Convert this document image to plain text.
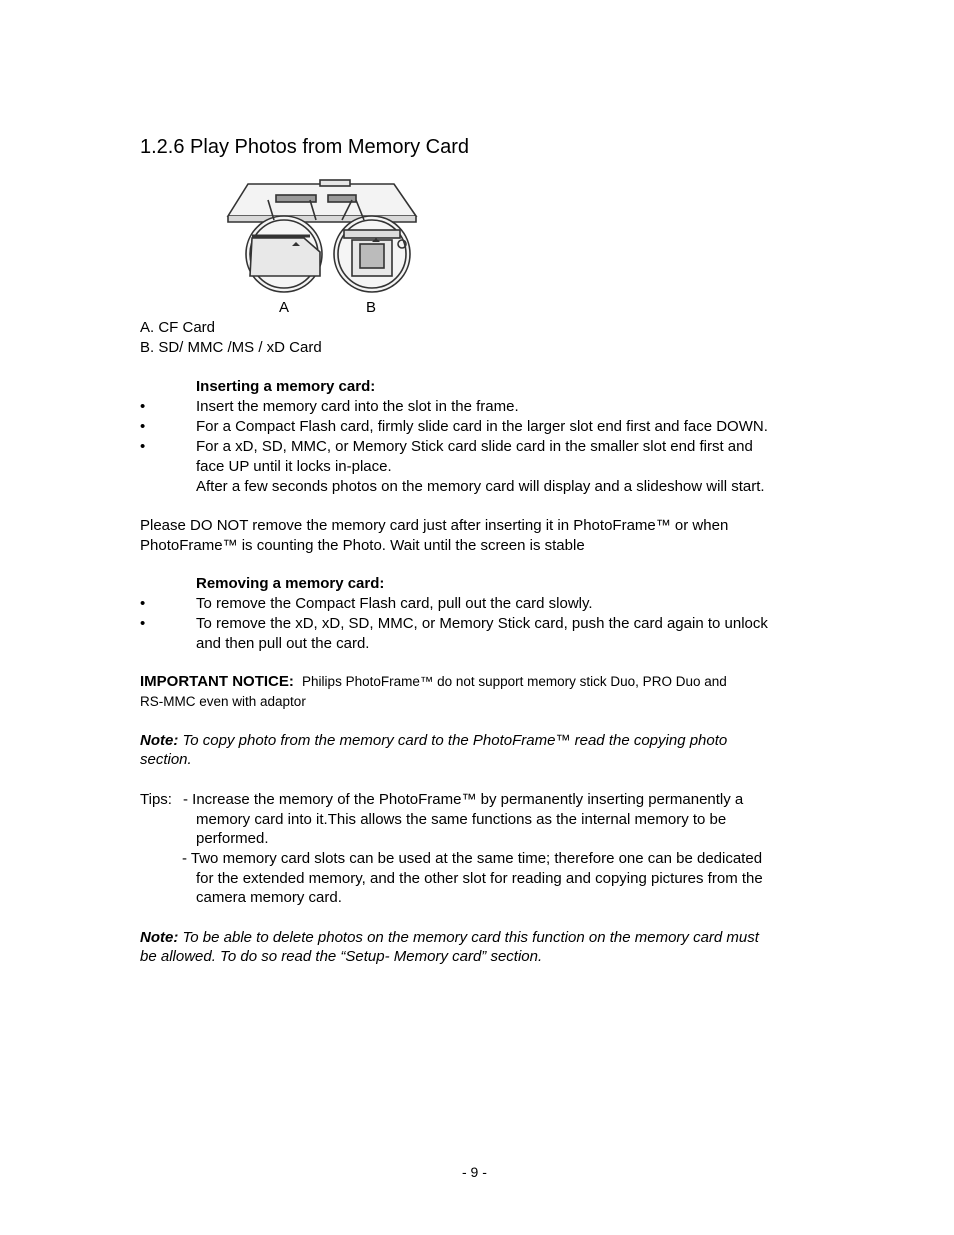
1.2.6 Play Photos from Memory Card
A	B
A. CF Card
B. SD/ MMC /MS / xD Card
Inserting a memory card:
•	Insert the memory card into the slot in the frame.
•	For a Compact Flash card, firmly slide card in the larger slot end first and face DOWN.
•	For a xD, SD, MMC, or Memory Stick card slide card in the smaller slot end first and
face UP until it locks in-place.
After a few seconds photos on the memory card will display and a slideshow will start.
Please DO NOT remove the memory card just after inserting it in PhotoFrame™ or when
PhotoFrame™ is counting the Photo. Wait until the screen is stable
Removing a memory card:
•	To remove the Compact Flash card, pull out the card slowly.
•	To remove the xD, xD, SD, MMC, or Memory Stick card, push the card again to unlock
and then pull out the card.
IMPORTANT NOTICE: Philips PhotoFrame™ do not support memory stick Duo, PRO Duo and
RS-MMC even with adaptor
Note: To copy photo from the memory card to the PhotoFrame™ read the copying photo
section.
Tips: - Increase the memory of the PhotoFrame™ by permanently inserting permanently a
memory card into it.This allows the same functions as the internal memory to be
performed.
- Two memory card slots can be used at the same time; therefore one can be dedicated
for the extended memory, and the other slot for reading and copying pictures from the
camera memory card.
Note: To be able to delete photos on the memory card this function on the memory card must
be allowed. To do so read the “Setup- Memory card” section.
- 9 -
